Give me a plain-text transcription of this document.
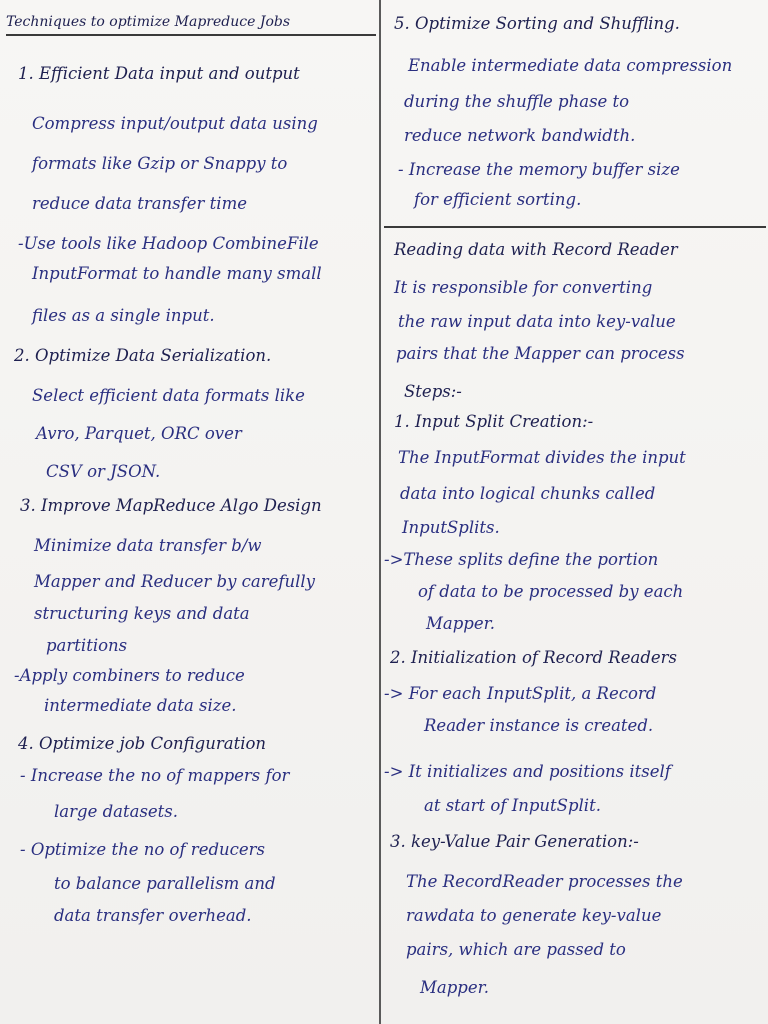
Techniques to optimize Mapreduce Jobs
1. Efficient Data input and output
Compress input/output data using
formats like Gzip or Snappy to
reduce data transfer time
-Use tools like Hadoop CombineFile
InputFormat to handle many small
files as a single input.
2. Optimize Data Serialization.
Select efficient data formats like
Avro, Parquet, ORC over
CSV or JSON.
3. Improve MapReduce Algo Design
Minimize data transfer b/w
Mapper and Reducer by carefully
structuring keys and data
partitions
-Apply combiners to reduce
intermediate data size.
4. Optimize job Configuration
- Increase the no of mappers for
large datasets.
- Optimize the no of reducers
to balance parallelism and
data transfer overhead.
5. Optimize Sorting and Shuffling.
Enable intermediate data compression
during the shuffle phase to
reduce network bandwidth.
- Increase the memory buffer size
for efficient sorting.
Reading data with Record Reader
It is responsible for converting
the raw input data into key-value
pairs that the Mapper can process
Steps:-
1. Input Split Creation:-
The InputFormat divides the input
data into logical chunks called
InputSplits.
->These splits define the portion
of data to be processed by each
Mapper.
2. Initialization of Record Readers
-> For each InputSplit, a Record
Reader instance is created.
-> It initializes and positions itself
at start of InputSplit.
3. key-Value Pair Generation:-
The RecordReader processes the
rawdata to generate key-value
pairs, which are passed to
Mapper.
